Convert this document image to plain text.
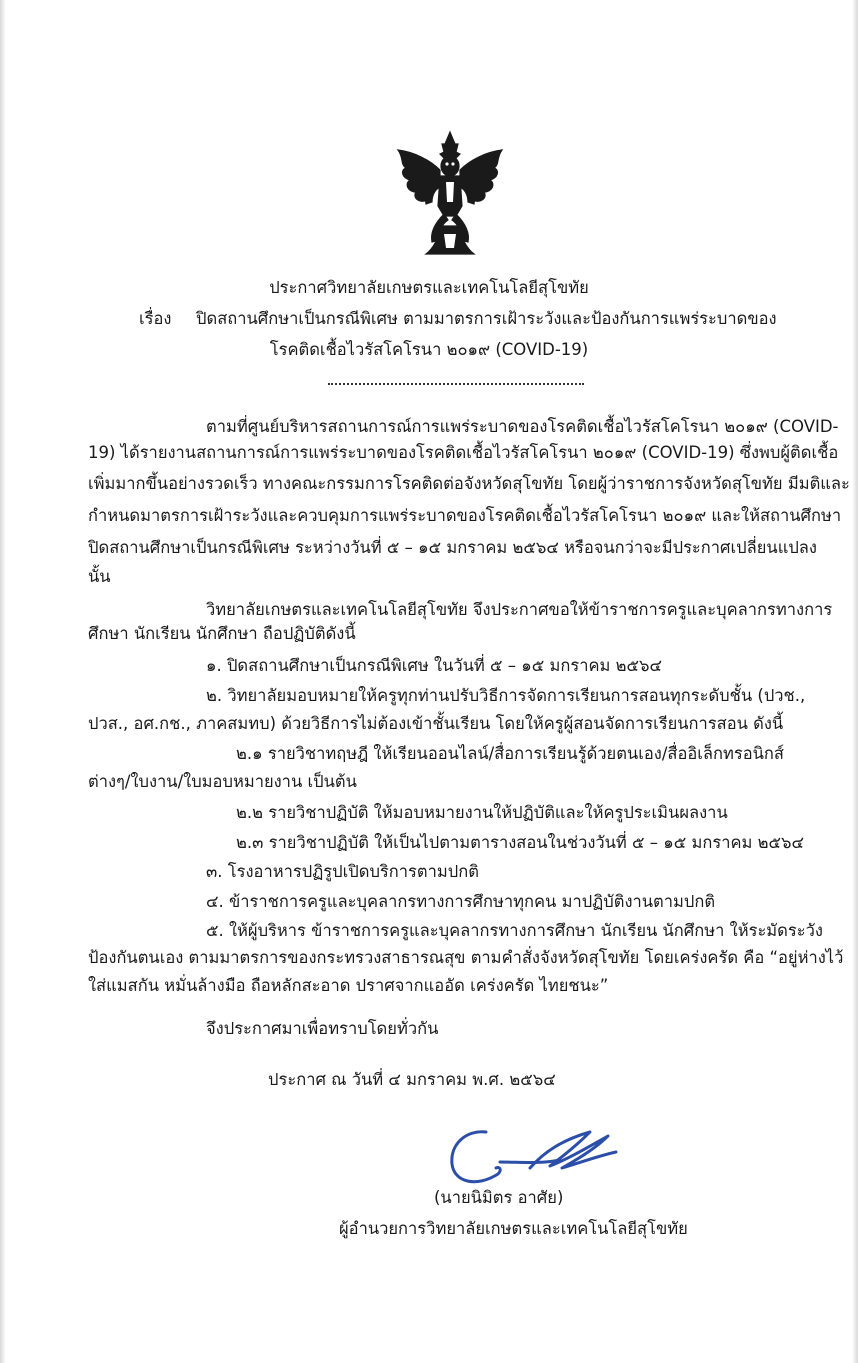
ประกาศวิทยาลัยเกษตรและเทคโนโลยีสุโขทัย
เรื่อง ปิดสถานศึกษาเป็นกรณีพิเศษ ตามมาตรการเฝ้าระวังและป้องกันการแพร่ระบาดของ
โรคติดเชื้อไวรัสโคโรนา ๒๐๑๙ (COVID-19)
ตามที่ศูนย์บริหารสถานการณ์การแพร่ระบาดของโรคติดเชื้อไวรัสโคโรนา ๒๐๑๙ (COVID-
19) ได้รายงานสถานการณ์การแพร่ระบาดของโรคติดเชื้อไวรัสโคโรนา ๒๐๑๙ (COVID-19) ซึ่งพบผู้ติดเชื้อ
เพิ่มมากขึ้นอย่างรวดเร็ว ทางคณะกรรมการโรคติดต่อจังหวัดสุโขทัย โดยผู้ว่าราชการจังหวัดสุโขทัย มีมติและ
กำหนดมาตรการเฝ้าระวังและควบคุมการแพร่ระบาดของโรคติดเชื้อไวรัสโคโรนา ๒๐๑๙ และให้สถานศึกษา
ปิดสถานศึกษาเป็นกรณีพิเศษ ระหว่างวันที่ ๕ – ๑๕ มกราคม ๒๕๖๔ หรือจนกว่าจะมีประกาศเปลี่ยนแปลง
นั้น
วิทยาลัยเกษตรและเทคโนโลยีสุโขทัย จึงประกาศขอให้ข้าราชการครูและบุคลากรทางการ
ศึกษา นักเรียน นักศึกษา ถือปฏิบัติดังนี้
๑. ปิดสถานศึกษาเป็นกรณีพิเศษ ในวันที่ ๕ – ๑๕ มกราคม ๒๕๖๔
๒. วิทยาลัยมอบหมายให้ครูทุกท่านปรับวิธีการจัดการเรียนการสอนทุกระดับชั้น (ปวช.,
ปวส., อศ.กช., ภาคสมทบ) ด้วยวิธีการไม่ต้องเข้าชั้นเรียน โดยให้ครูผู้สอนจัดการเรียนการสอน ดังนี้
๒.๑ รายวิชาทฤษฎี ให้เรียนออนไลน์/สื่อการเรียนรู้ด้วยตนเอง/สื่ออิเล็กทรอนิกส์
ต่างๆ/ใบงาน/ใบมอบหมายงาน เป็นต้น
๒.๒ รายวิชาปฏิบัติ ให้มอบหมายงานให้ปฏิบัติและให้ครูประเมินผลงาน
๒.๓ รายวิชาปฏิบัติ ให้เป็นไปตามตารางสอนในช่วงวันที่ ๕ – ๑๕ มกราคม ๒๕๖๔
๓. โรงอาหารปฏิรูปเปิดบริการตามปกติ
๔. ข้าราชการครูและบุคลากรทางการศึกษาทุกคน มาปฏิบัติงานตามปกติ
๕. ให้ผู้บริหาร ข้าราชการครูและบุคลากรทางการศึกษา นักเรียน นักศึกษา ให้ระมัดระวัง
ป้องกันตนเอง ตามมาตรการของกระทรวงสาธารณสุข ตามคำสั่งจังหวัดสุโขทัย โดยเคร่งครัด คือ “อยู่ห่างไว้
ใส่แมสกัน หมั่นล้างมือ ถือหลักสะอาด ปราศจากแออัด เคร่งครัด ไทยชนะ”
จึงประกาศมาเพื่อทราบโดยทั่วกัน
ประกาศ ณ วันที่ ๔ มกราคม พ.ศ. ๒๕๖๔
(นายนิมิตร อาศัย)
ผู้อำนวยการวิทยาลัยเกษตรและเทคโนโลยีสุโขทัย
